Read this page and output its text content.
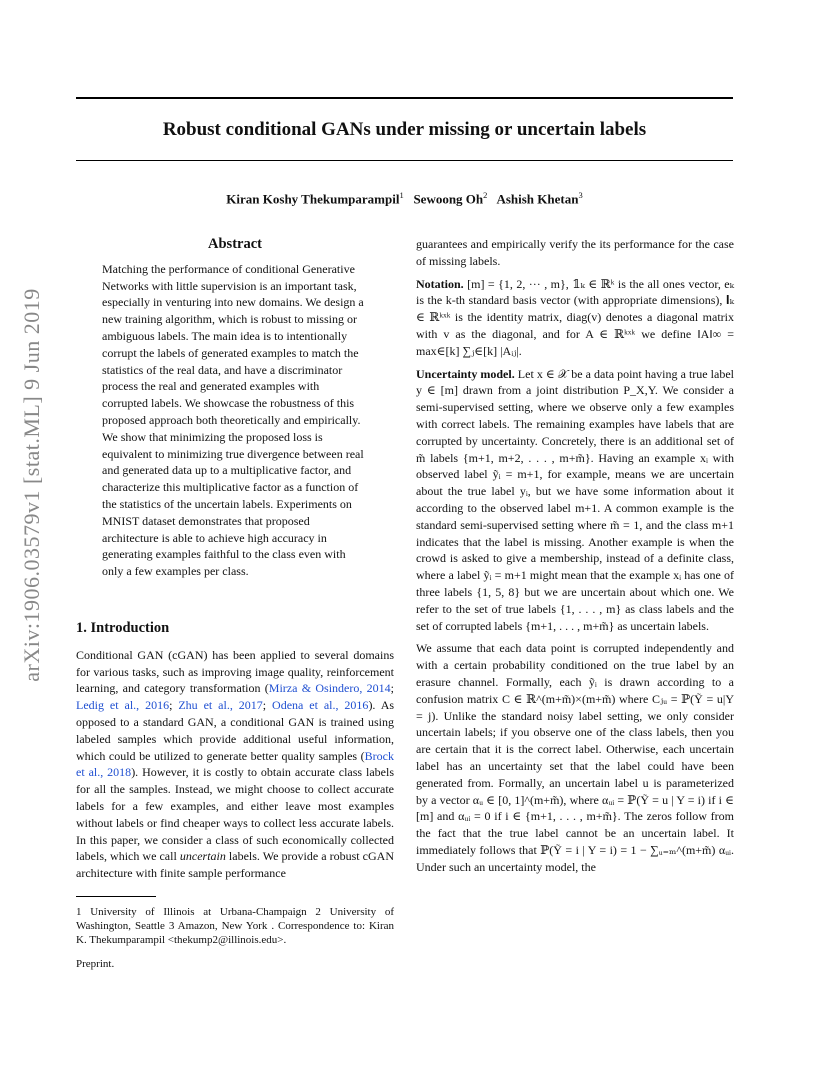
arXiv:1906.03579v1 [stat.ML] 9 Jun 2019
Robust conditional GANs under missing or uncertain labels
Kiran Koshy Thekumparampil$^1$ Sewoong Oh$^2$ Ashish Khetan$^3$
Abstract

Matching the performance of conditional Generative Networks with little supervision is an important task, especially in venturing into new domains. We design a new training algorithm, which is robust to missing or ambiguous labels. The main idea is to intentionally corrupt the labels of generated examples to match the statistics of the real data, and have a discriminator process the real and generated examples with corrupted labels. We showcase the robustness of this proposed approach both theoretically and empirically. We show that minimizing the proposed loss is equivalent to minimizing true divergence between real and generated data up to a multiplicative factor, and characterize this multiplicative factor as a function of the statistics of the uncertain labels. Experiments on MNIST dataset demonstrates that proposed architecture is able to achieve high accuracy in generating examples faithful to the class even with only a few examples per class.

1. Introduction

Conditional GAN (cGAN) has been applied to several domains for various tasks, such as improving image quality, reinforcement learning, and category transformation (Mirza & Osindero, 2014; Ledig et al., 2016; Zhu et al., 2017; Odena et al., 2016). As opposed to a standard GAN, a conditional GAN is trained using labeled samples which provide additional useful information, which could be utilized to generate better quality samples (Brock et al., 2018). However, it is costly to obtain accurate class labels for all the samples. Instead, we might choose to collect accurate labels for a few examples, and either leave most examples without labels or find cheaper ways to collect less accurate labels. In this paper, we consider a class of such economically collected labels, which we call uncertain labels. We provide a robust cGAN architecture with finite sample performance

1 University of Illinois at Urbana-Champaign 2 University of Washington, Seattle 3 Amazon, New York . Correspondence to: Kiran K. Thekumparampil <thekump2@illinois.edu>.

Preprint.

guarantees and empirically verify the its performance for the case of missing labels.

Notation. [m] = {1, 2, ··· , m}, 𝟙ₖ ∈ ℝᵏ is the all ones vector, eₖ is the k-th standard basis vector (with appropriate dimensions), 𝐈ₖ ∈ ℝᵏˣᵏ is the identity matrix, diag(v) denotes a diagonal matrix with v as the diagonal, and for A ∈ ℝᵏˣᵏ we define ‖A‖∞ = max∈[k] ∑ⱼ∈[k] |Aᵢⱼ|.

Uncertainty model. Let x ∈ 𝒳 be a data point having a true label y ∈ [m] drawn from a joint distribution P_X,Y. We consider a semi-supervised setting, where we observe only a few examples with correct labels. The remaining examples have labels that are corrupted by uncertainty. Concretely, there is an additional set of m̃ labels {m+1, m+2, . . . , m+m̃}. Having an example xᵢ with observed label ỹᵢ = m+1, for example, means we are uncertain about the true label yᵢ, but we have some information about it according to the observed label m+1. A common example is the standard semi-supervised setting where m̃ = 1, and the class m+1 indicates that the label is missing. Another example is when the crowd is asked to give a membership, instead of a definite class, where a label ỹᵢ = m+1 might mean that the example xᵢ has one of three labels {1, 5, 8} but we are uncertain about which one. We refer to the set of true labels {1, . . . , m} as class labels and the set of corrupted labels {m+1, . . . , m+m̃} as uncertain labels.

We assume that each data point is corrupted independently and with a certain probability conditioned on the true label by an erasure channel. Formally, each ỹᵢ is drawn according to a confusion matrix C ∈ ℝ^(m+m̃)×(m+m̃) where Cⱼᵤ = ℙ(Ỹ = u|Y = j). Unlike the standard noisy label setting, we only consider uncertain labels; if you observe one of the class labels, then you are certain that it is the correct label. Otherwise, each uncertain label has an uncertainty set that the label could have been generated from. Formally, an uncertain label u is parameterized by a vector αᵤ ∈ [0, 1]^(m+m̃), where αᵤᵢ = ℙ(Ỹ = u | Y = i) if i ∈ [m] and αᵤᵢ = 0 if i ∈ {m+1, . . . , m+m̃}. The zeros follow from the fact that the true label cannot be an uncertain label. It immediately follows that ℙ(Ỹ = i | Y = i) = 1 − ∑ᵤ₌ₘ^(m+m̃) αᵤᵢ. Under such an uncertainty model, the
